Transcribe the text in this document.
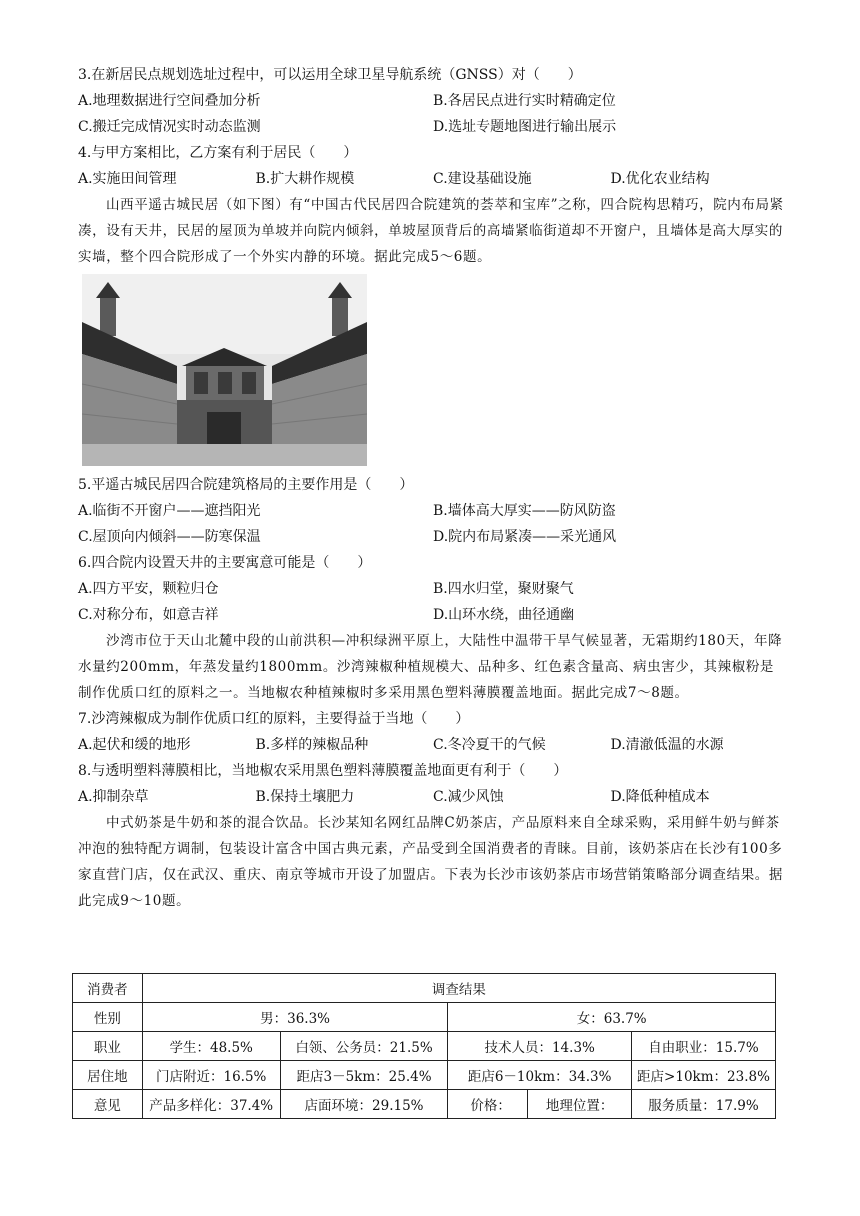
3.在新居民点规划选址过程中，可以运用全球卫星导航系统（GNSS）对（　　）
A.地理数据进行空间叠加分析	B.各居民点进行实时精确定位
C.搬迁完成情况实时动态监测	D.选址专题地图进行输出展示
4.与甲方案相比，乙方案有利于居民（　　）
A.实施田间管理	B.扩大耕作规模	C.建设基础设施	D.优化农业结构

山西平遥古城民居（如下图）有“中国古代民居四合院建筑的荟萃和宝库”之称，四合院构思精巧，院内布局紧凑，设有天井，民居的屋顶为单坡并向院内倾斜，单坡屋顶背后的高墙紧临街道却不开窗户，且墙体是高大厚实的实墙，整个四合院形成了一个外实内静的环境。据此完成5～6题。

5.平遥古城民居四合院建筑格局的主要作用是（　　）
A.临街不开窗户——遮挡阳光	B.墙体高大厚实——防风防盗
C.屋顶向内倾斜——防寒保温	D.院内布局紧凑——采光通风
6.四合院内设置天井的主要寓意可能是（　　）
A.四方平安，颗粒归仓	B.四水归堂，聚财聚气
C.对称分布，如意吉祥	D.山环水绕，曲径通幽

沙湾市位于天山北麓中段的山前洪积—冲积绿洲平原上，大陆性中温带干旱气候显著，无霜期约180天，年降水量约200mm，年蒸发量约1800mm。沙湾辣椒种植规模大、品种多、红色素含量高、病虫害少，其辣椒粉是制作优质口红的原料之一。当地椒农种植辣椒时多采用黑色塑料薄膜覆盖地面。据此完成7～8题。

7.沙湾辣椒成为制作优质口红的原料，主要得益于当地（　　）
A.起伏和缓的地形	B.多样的辣椒品种	C.冬冷夏干的气候	D.清澈低温的水源
8.与透明塑料薄膜相比，当地椒农采用黑色塑料薄膜覆盖地面更有利于（　　）
A.抑制杂草	B.保持土壤肥力	C.减少风蚀	D.降低种植成本

中式奶茶是牛奶和茶的混合饮品。长沙某知名网红品牌C奶茶店，产品原料来自全球采购，采用鲜牛奶与鲜茶冲泡的独特配方调制，包装设计富含中国古典元素，产品受到全国消费者的青睐。目前，该奶茶店在长沙有100多家直营门店，仅在武汉、重庆、南京等城市开设了加盟店。下表为长沙市该奶茶店市场营销策略部分调查结果。据此完成9～10题。

消费者	调查结果				
性别	男：36.3%		女：63.7%		
职业	学生：48.5%	白领、公务员：21.5%	技术人员：14.3%		自由职业：15.7%
居住地	门店附近：16.5%	距店3－5km：25.4%	距店6－10km：34.3%		距店>10km：23.8%
意见	产品多样化：37.4%	店面环境：29.15%	价格：	地理位置：	服务质量：17.9%
